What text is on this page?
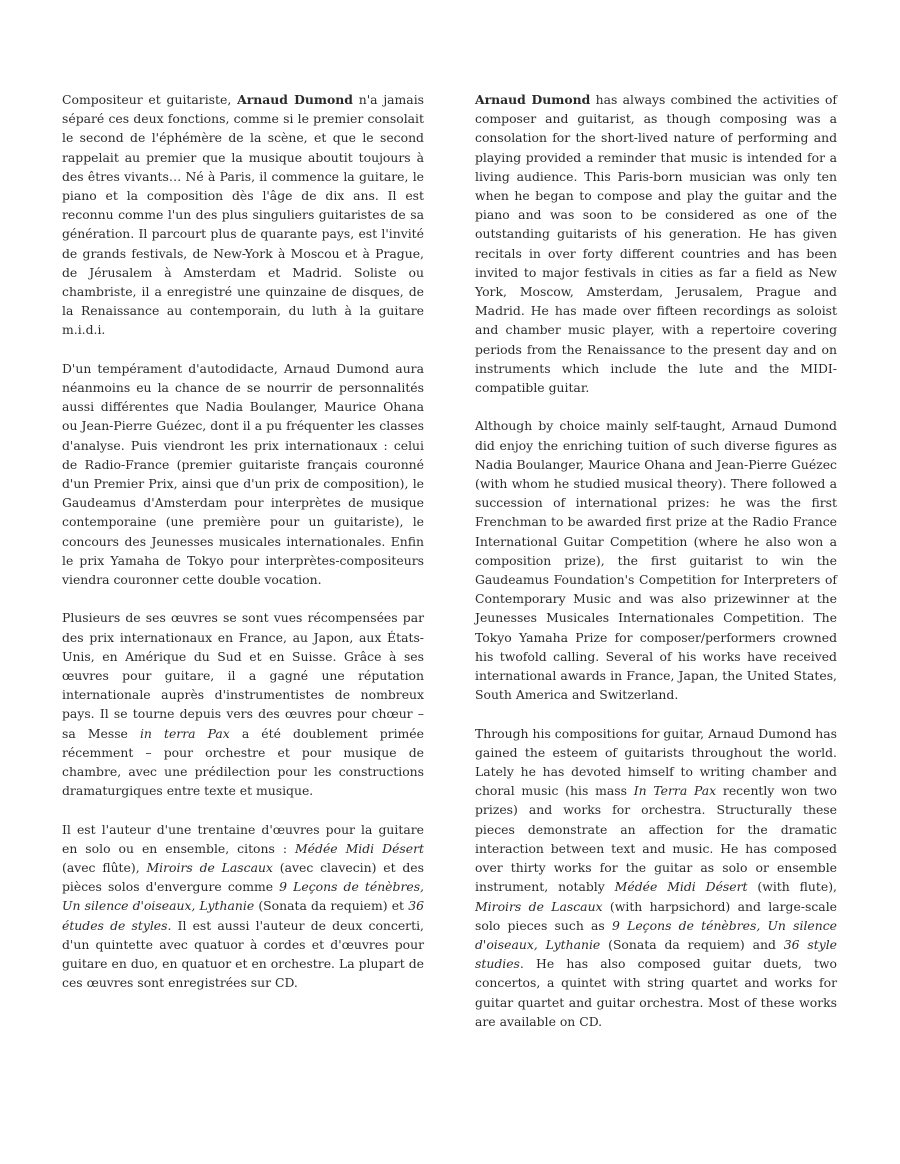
Compositeur et guitariste, Arnaud Dumond n'a jamais séparé ces deux fonctions, comme si le premier consolait le second de l'éphémère de la scène, et que le second rappelait au premier que la musique aboutit toujours à des êtres vivants… Né à Paris, il commence la guitare, le piano et la composition dès l'âge de dix ans. Il est reconnu comme l'un des plus singuliers guitaristes de sa génération. Il parcourt plus de quarante pays, est l'invité de grands festivals, de New-York à Moscou et à Prague, de Jérusalem à Amsterdam et Madrid. Soliste ou chambriste, il a enregistré une quinzaine de disques, de la Renaissance au contemporain, du luth à la guitare m.i.d.i.

D'un tempérament d'autodidacte, Arnaud Dumond aura néanmoins eu la chance de se nourrir de personnalités aussi différentes que Nadia Boulanger, Maurice Ohana ou Jean-Pierre Guézec, dont il a pu fréquenter les classes d'analyse. Puis viendront les prix internationaux : celui de Radio-France (premier guitariste français couronné d'un Premier Prix, ainsi que d'un prix de composition), le Gaudeamus d'Amsterdam pour interprètes de musique contemporaine (une première pour un guitariste), le concours des Jeunesses musicales internationales. Enfin le prix Yamaha de Tokyo pour interprètes-compositeurs viendra couronner cette double vocation.

Plusieurs de ses œuvres se sont vues récompensées par des prix internationaux en France, au Japon, aux États-Unis, en Amérique du Sud et en Suisse. Grâce à ses œuvres pour guitare, il a gagné une réputation internationale auprès d'instrumentistes de nombreux pays. Il se tourne depuis vers des œuvres pour chœur – sa Messe in terra Pax a été doublement primée récemment – pour orchestre et pour musique de chambre, avec une prédilection pour les constructions dramaturgiques entre texte et musique.

Il est l'auteur d'une trentaine d'œuvres pour la guitare en solo ou en ensemble, citons : Médée Midi Désert (avec flûte), Miroirs de Lascaux (avec clavecin) et des pièces solos d'envergure comme 9 Leçons de ténèbres, Un silence d'oiseaux, Lythanie (Sonata da requiem) et 36 études de styles. Il est aussi l'auteur de deux concerti, d'un quintette avec quatuor à cordes et d'œuvres pour guitare en duo, en quatuor et en orchestre. La plupart de ces œuvres sont enregistrées sur CD.

Arnaud Dumond has always combined the activities of composer and guitarist, as though composing was a consolation for the short-lived nature of performing and playing provided a reminder that music is intended for a living audience. This Paris-born musician was only ten when he began to compose and play the guitar and the piano and was soon to be considered as one of the outstanding guitarists of his generation. He has given recitals in over forty different countries and has been invited to major festivals in cities as far a field as New York, Moscow, Amsterdam, Jerusalem, Prague and Madrid. He has made over fifteen recordings as soloist and chamber music player, with a repertoire covering periods from the Renaissance to the present day and on instruments which include the lute and the MIDI-compatible guitar.

Although by choice mainly self-taught, Arnaud Dumond did enjoy the enriching tuition of such diverse figures as Nadia Boulanger, Maurice Ohana and Jean-Pierre Guézec (with whom he studied musical theory). There followed a succession of international prizes: he was the first Frenchman to be awarded first prize at the Radio France International Guitar Competition (where he also won a composition prize), the first guitarist to win the Gaudeamus Foundation's Competition for Interpreters of Contemporary Music and was also prizewinner at the Jeunesses Musicales Internationales Competition. The Tokyo Yamaha Prize for composer/performers crowned his twofold calling. Several of his works have received international awards in France, Japan, the United States, South America and Switzerland.

Through his compositions for guitar, Arnaud Dumond has gained the esteem of guitarists throughout the world. Lately he has devoted himself to writing chamber and choral music (his mass In Terra Pax recently won two prizes) and works for orchestra. Structurally these pieces demonstrate an affection for the dramatic interaction between text and music. He has composed over thirty works for the guitar as solo or ensemble instrument, notably Médée Midi Désert (with flute), Miroirs de Lascaux (with harpsichord) and large-scale solo pieces such as 9 Leçons de ténèbres, Un silence d'oiseaux, Lythanie (Sonata da requiem) and 36 style studies. He has also composed guitar duets, two concertos, a quintet with string quartet and works for guitar quartet and guitar orchestra. Most of these works are available on CD.
